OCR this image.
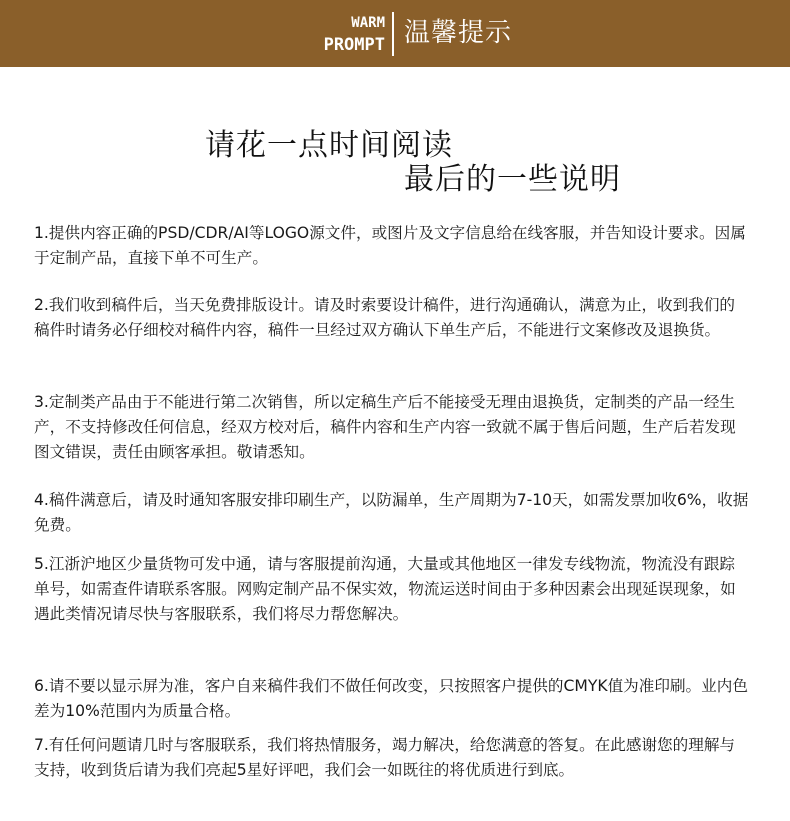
WARM
PROMPT 温馨提示
请花一点时间阅读
最后的一些说明

1.提供内容正确的PSD/CDR/AI等LOGO源文件，或图片及文字信息给在线客服，并告知设计要求。因属于定制产品，直接下单不可生产。

2.我们收到稿件后，当天免费排版设计。请及时索要设计稿件，进行沟通确认，满意为止，收到我们的稿件时请务必仔细校对稿件内容，稿件一旦经过双方确认下单生产后，不能进行文案修改及退换货。

3.定制类产品由于不能进行第二次销售，所以定稿生产后不能接受无理由退换货，定制类的产品一经生产，不支持修改任何信息，经双方校对后，稿件内容和生产内容一致就不属于售后问题，生产后若发现图文错误，责任由顾客承担。敬请悉知。

4.稿件满意后，请及时通知客服安排印刷生产，以防漏单，生产周期为7-10天，如需发票加收6%，收据免费。

5.江浙沪地区少量货物可发中通，请与客服提前沟通，大量或其他地区一律发专线物流，物流没有跟踪单号，如需查件请联系客服。网购定制产品不保实效，物流运送时间由于多种因素会出现延误现象，如遇此类情况请尽快与客服联系，我们将尽力帮您解决。

6.请不要以显示屏为准，客户自来稿件我们不做任何改变，只按照客户提供的CMYK值为准印刷。业内色差为10%范围内为质量合格。

7.有任何问题请几时与客服联系，我们将热情服务，竭力解决，给您满意的答复。在此感谢您的理解与支持，收到货后请为我们亮起5星好评吧，我们会一如既往的将优质进行到底。
